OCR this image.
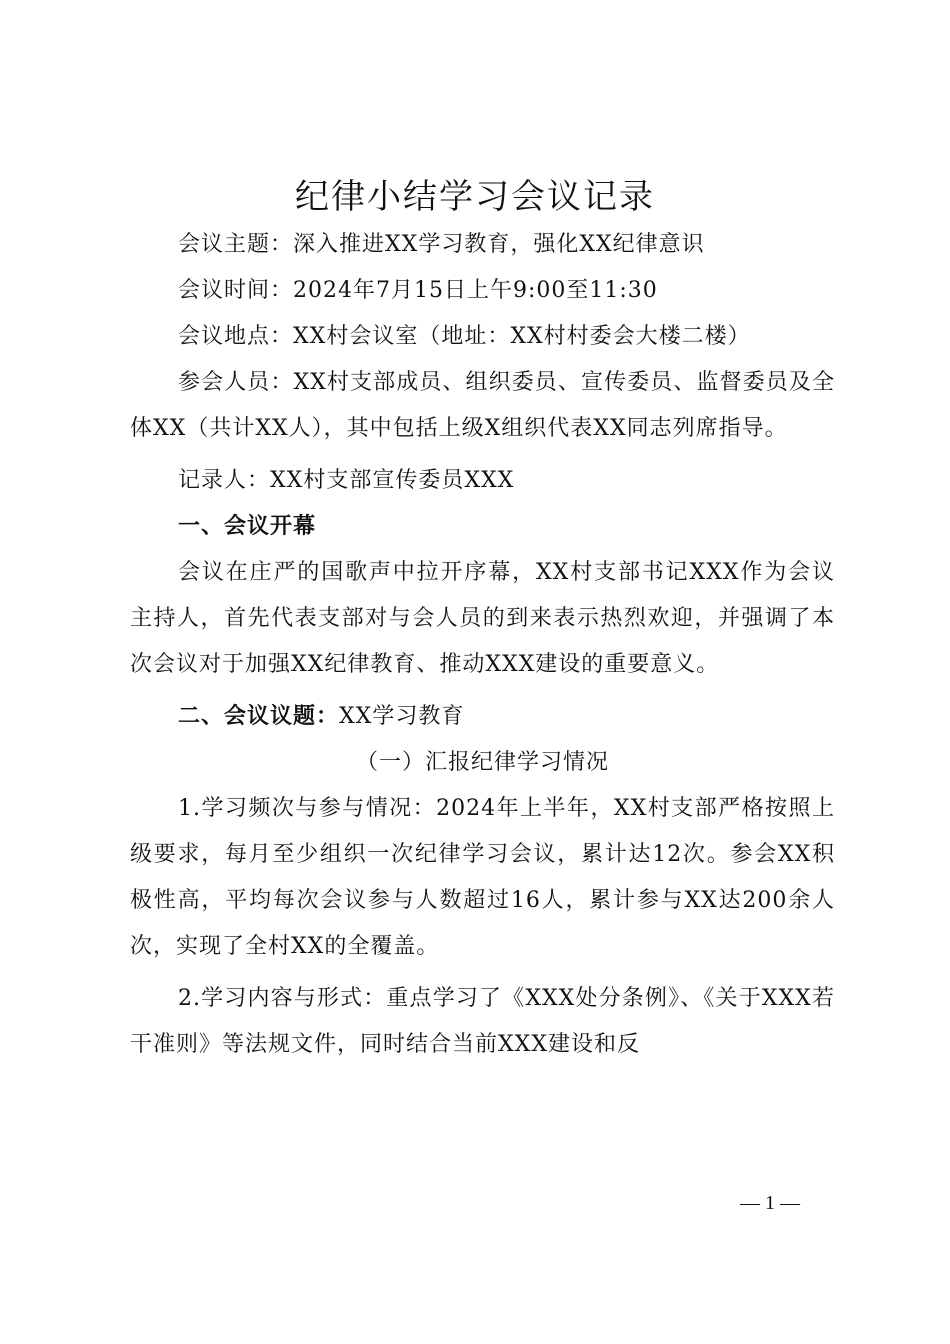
纪律小结学习会议记录

会议主题：深入推进XX学习教育，强化XX纪律意识

会议时间：2024年7月15日上午9:00至11:30

会议地点：XX村会议室（地址：XX村村委会大楼二楼）

参会人员：XX村支部成员、组织委员、宣传委员、监督委员及全体XX（共计XX人），其中包括上级X组织代表XX同志列席指导。

记录人：XX村支部宣传委员XXX

一、会议开幕

会议在庄严的国歌声中拉开序幕，XX村支部书记XXX作为会议主持人，首先代表支部对与会人员的到来表示热烈欢迎，并强调了本次会议对于加强XX纪律教育、推动XXX建设的重要意义。

二、会议议题：XX学习教育

（一）汇报纪律学习情况

1.学习频次与参与情况：2024年上半年，XX村支部严格按照上级要求，每月至少组织一次纪律学习会议，累计达12次。参会XX积极性高，平均每次会议参与人数超过16人，累计参与XX达200余人次，实现了全村XX的全覆盖。

2.学习内容与形式：重点学习了《XXX处分条例》、《关于XXX若干准则》等法规文件，同时结合当前XXX建设和反

— 1 —
